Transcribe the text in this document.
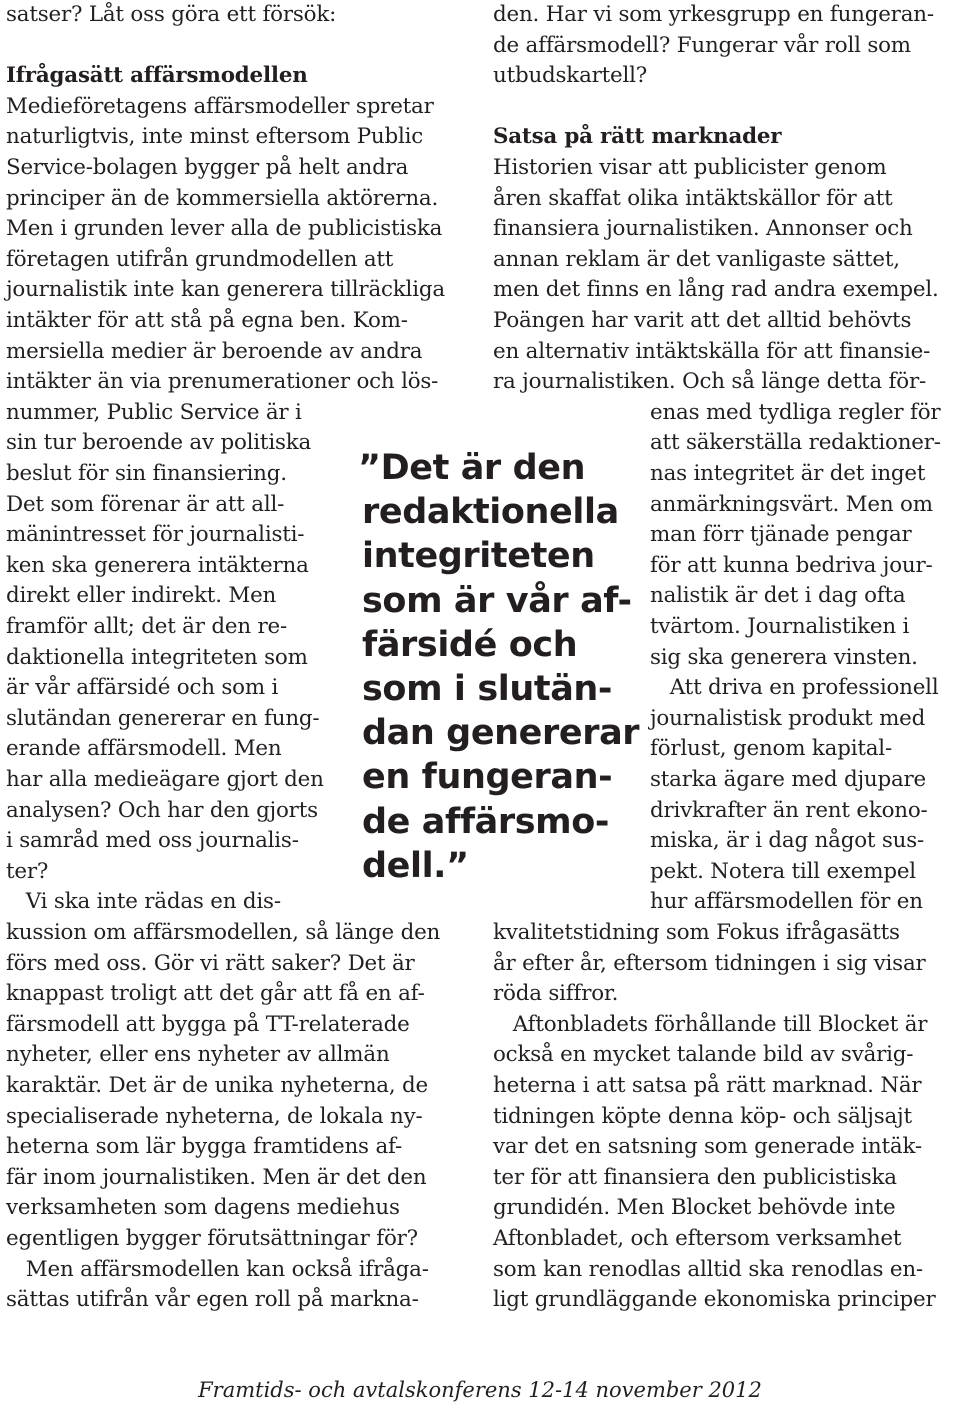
satser? Låt oss göra ett försök:
Ifrågasätt affärsmodellen
Medieföretagens affärsmodeller spretar
naturligtvis, inte minst eftersom Public
Service-bolagen bygger på helt andra
principer än de kommersiella aktörerna.
Men i grunden lever alla de publicistiska
företagen utifrån grundmodellen att
journalistik inte kan generera tillräckliga
intäkter för att stå på egna ben. Kom-
mersiella medier är beroende av andra
intäkter än via prenumerationer och lös-
nummer, Public Service är i
sin tur beroende av politiska
beslut för sin finansiering.
Det som förenar är att all-
mänintresset för journalisti-
ken ska generera intäkterna
direkt eller indirekt. Men
framför allt; det är den re-
daktionella integriteten som
är vår affärsidé och som i
slutändan genererar en fung-
erande affärsmodell. Men
har alla medieägare gjort den
analysen? Och har den gjorts
i samråd med oss journalis-
ter?
Vi ska inte rädas en dis-
kussion om affärsmodellen, så länge den
förs med oss. Gör vi rätt saker? Det är
knappast troligt att det går att få en af-
färsmodell att bygga på TT-relaterade
nyheter, eller ens nyheter av allmän
karaktär. Det är de unika nyheterna, de
specialiserade nyheterna, de lokala ny-
heterna som lär bygga framtidens af-
fär inom journalistiken. Men är det den
verksamheten som dagens mediehus
egentligen bygger förutsättningar för?
Men affärsmodellen kan också ifråga-
sättas utifrån vår egen roll på markna-
den. Har vi som yrkesgrupp en fungeran-
de affärsmodell? Fungerar vår roll som
utbudskartell?
Satsa på rätt marknader
Historien visar att publicister genom
åren skaffat olika intäktskällor för att
finansiera journalistiken. Annonser och
annan reklam är det vanligaste sättet,
men det finns en lång rad andra exempel.
Poängen har varit att det alltid behövts
en alternativ intäktskälla för att finansie-
ra journalistiken. Och så länge detta för-
enas med tydliga regler för
att säkerställa redaktioner-
nas integritet är det inget
anmärkningsvärt. Men om
man förr tjänade pengar
för att kunna bedriva jour-
nalistik är det i dag ofta
tvärtom. Journalistiken i
sig ska generera vinsten.
Att driva en professionell
journalistisk produkt med
förlust, genom kapital-
starka ägare med djupare
drivkrafter än rent ekono-
miska, är i dag något sus-
pekt. Notera till exempel
hur affärsmodellen för en
kvalitetstidning som Fokus ifrågasätts
år efter år, eftersom tidningen i sig visar
röda siffror.
Aftonbladets förhållande till Blocket är
också en mycket talande bild av svårig-
heterna i att satsa på rätt marknad. När
tidningen köpte denna köp- och säljsajt
var det en satsning som generade intäk-
ter för att finansiera den publicistiska
grundidén. Men Blocket behövde inte
Aftonbladet, och eftersom verksamhet
som kan renodlas alltid ska renodlas en-
ligt grundläggande ekonomiska principer
”Det är den
redaktionella
integriteten
som är vår af-
färsidé och
som i slutän-
dan genererar
en fungeran-
de affärsmo-
dell.”
Framtids- och avtalskonferens 12-14 november 2012
